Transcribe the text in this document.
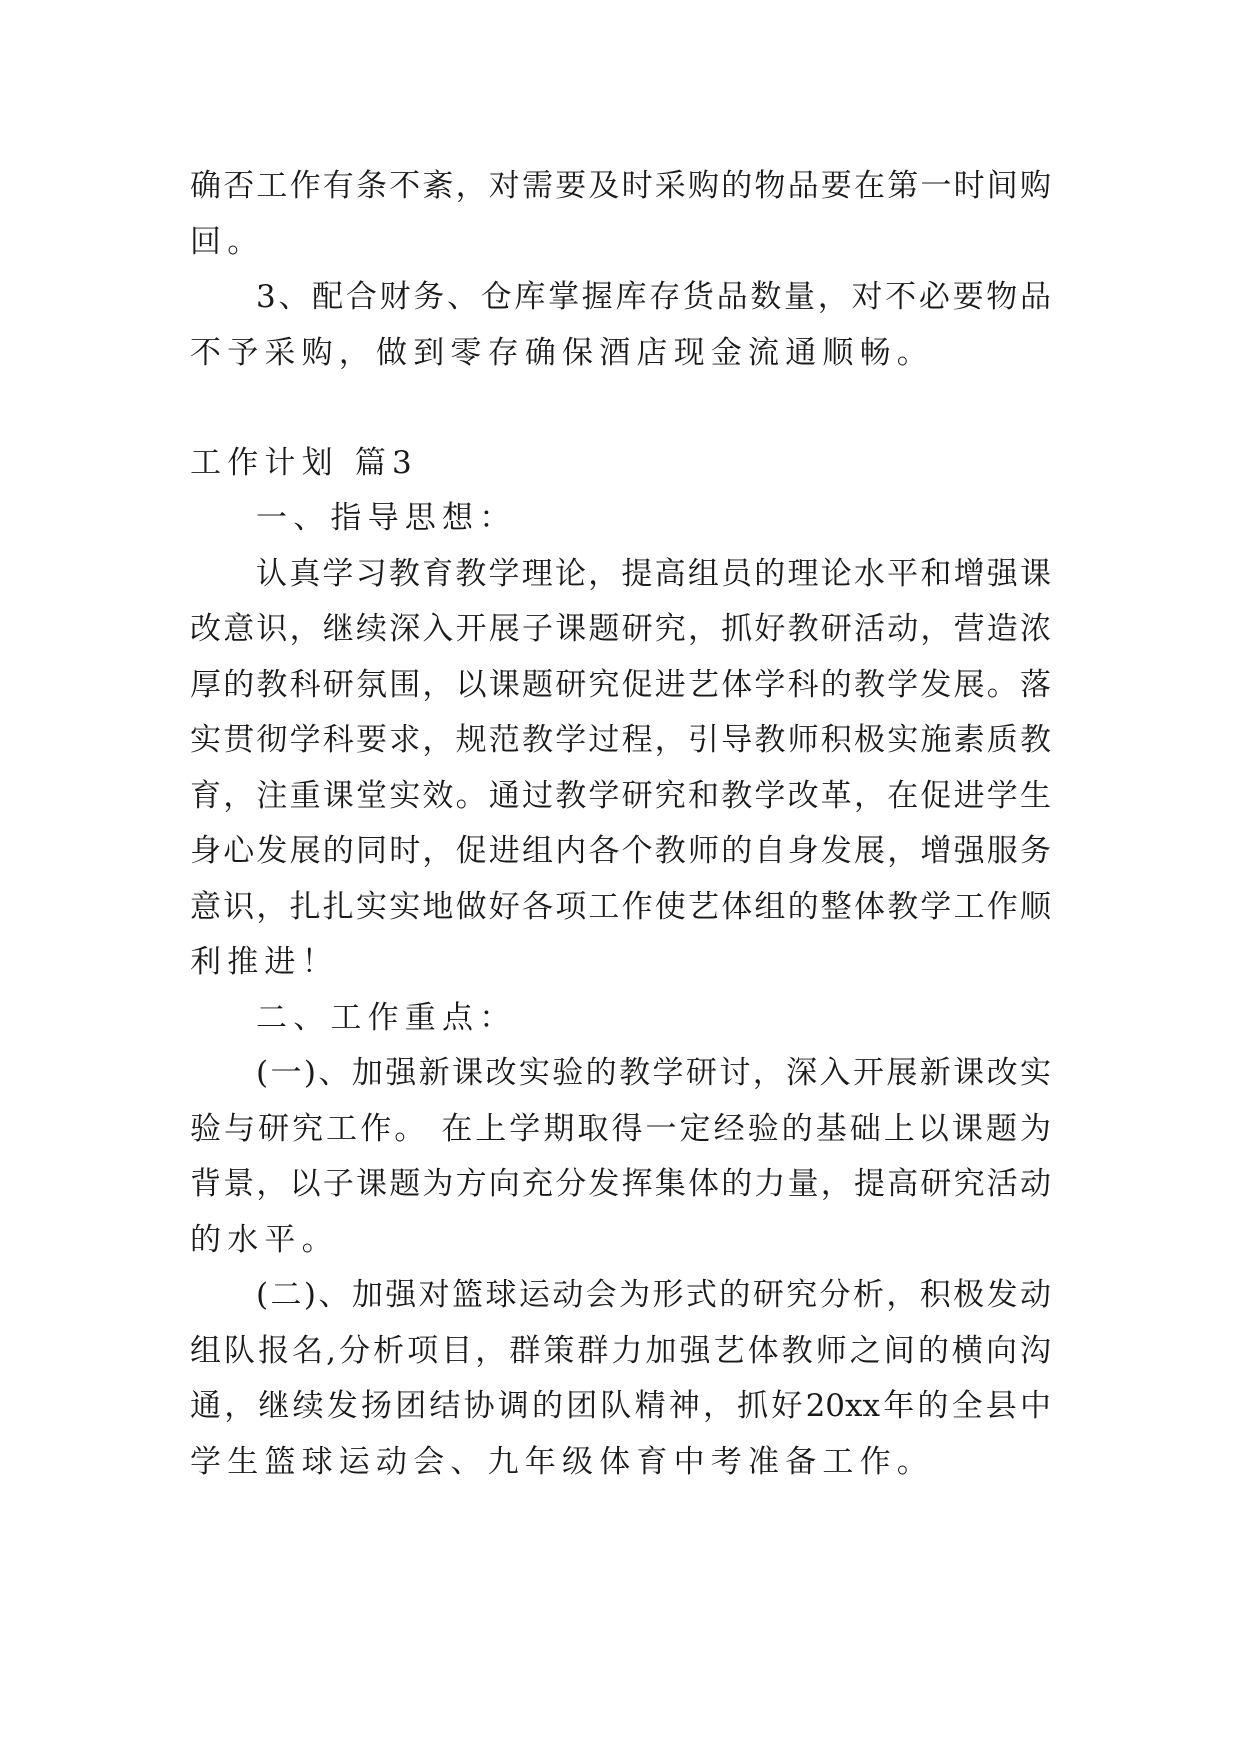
确否工作有条不紊，对需要及时采购的物品要在第一时间购
回。
3、配合财务、仓库掌握库存货品数量，对不必要物品
不予采购，做到零存确保酒店现金流通顺畅。
工作计划 篇3
一、指导思想：
认真学习教育教学理论，提高组员的理论水平和增强课
改意识，继续深入开展子课题研究，抓好教研活动，营造浓
厚的教科研氛围，以课题研究促进艺体学科的教学发展。落
实贯彻学科要求，规范教学过程，引导教师积极实施素质教
育，注重课堂实效。通过教学研究和教学改革，在促进学生
身心发展的同时，促进组内各个教师的自身发展，增强服务
意识，扎扎实实地做好各项工作使艺体组的整体教学工作顺
利推进！
二、工作重点：
(一)、加强新课改实验的教学研讨，深入开展新课改实
验与研究工作。 在上学期取得一定经验的基础上以课题为
背景，以子课题为方向充分发挥集体的力量，提高研究活动
的水平。
(二)、加强对篮球运动会为形式的研究分析，积极发动
组队报名,分析项目，群策群力加强艺体教师之间的横向沟
通，继续发扬团结协调的团队精神，抓好20xx年的全县中
学生篮球运动会、九年级体育中考准备工作。
